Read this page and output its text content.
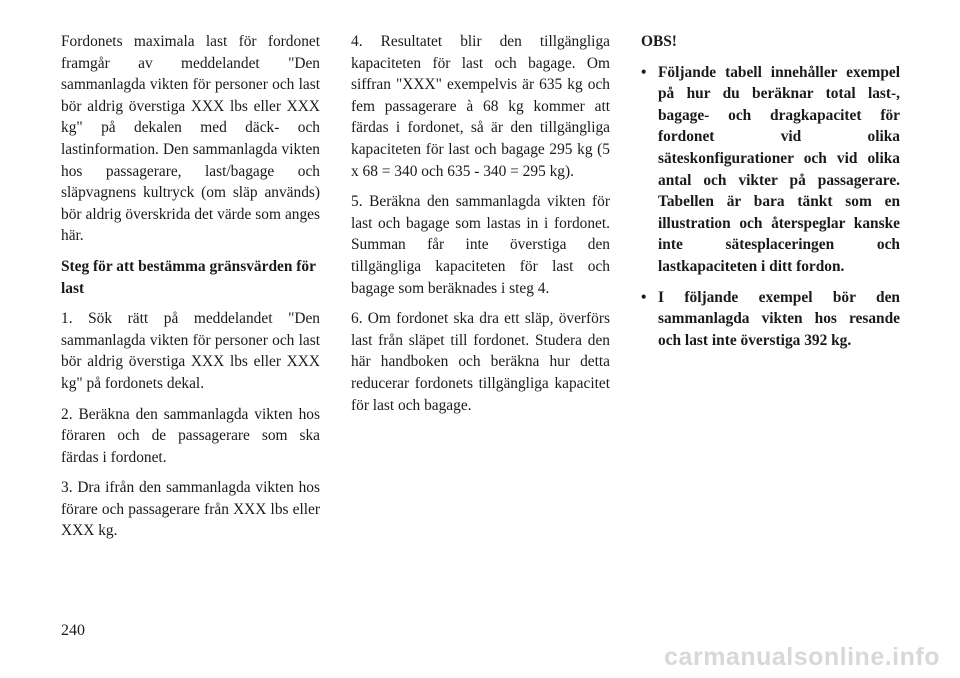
Fordonets maximala last för fordonet framgår av meddelandet "Den sammanlagda vikten för personer och last bör aldrig överstiga XXX lbs eller XXX kg" på dekalen med däck- och lastinformation. Den sammanlagda vikten hos passagerare, last/bagage och släpvagnens kultryck (om släp används) bör aldrig överskrida det värde som anges här.

Steg för att bestämma gränsvärden för last

1. Sök rätt på meddelandet "Den sammanlagda vikten för personer och last bör aldrig överstiga XXX lbs eller XXX kg" på fordonets dekal.

2. Beräkna den sammanlagda vikten hos föraren och de passagerare som ska färdas i fordonet.

3. Dra ifrån den sammanlagda vikten hos förare och passagerare från XXX lbs eller XXX kg.

4. Resultatet blir den tillgängliga kapaciteten för last och bagage. Om siffran "XXX" exempelvis är 635 kg och fem passagerare à 68 kg kommer att färdas i fordonet, så är den tillgängliga kapaciteten för last och bagage 295 kg (5 x 68 = 340 och 635 - 340 = 295 kg).

5. Beräkna den sammanlagda vikten för last och bagage som lastas in i fordonet. Summan får inte överstiga den tillgängliga kapaciteten för last och bagage som beräknades i steg 4.

6. Om fordonet ska dra ett släp, överförs last från släpet till fordonet. Studera den här handboken och beräkna hur detta reducerar fordonets tillgängliga kapacitet för last och bagage.

OBS!
• Följande tabell innehåller exempel på hur du beräknar total last-, bagage- och dragkapacitet för fordonet vid olika säteskonfigurationer och vid olika antal och vikter på passagerare. Tabellen är bara tänkt som en illustration och återspeglar kanske inte sätesplaceringen och lastkapaciteten i ditt fordon.
• I följande exempel bör den sammanlagda vikten hos resande och last inte överstiga 392 kg.
240
carmanualsonline.info
